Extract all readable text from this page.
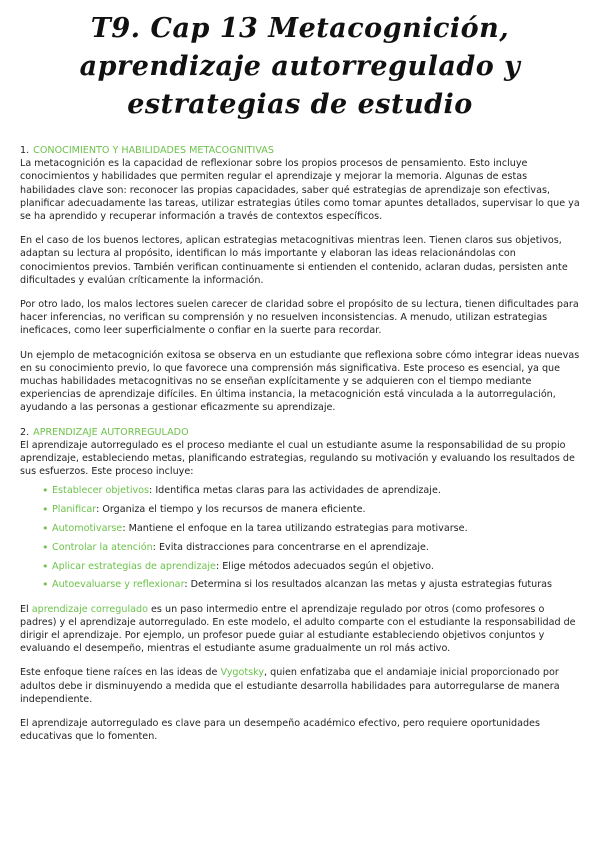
T9. Cap 13 Metacognición, aprendizaje autorregulado y estrategias de estudio

1. CONOCIMIENTO Y HABILIDADES METACOGNITIVAS

La metacognición es la capacidad de reflexionar sobre los propios procesos de pensamiento. Esto incluye conocimientos y habilidades que permiten regular el aprendizaje y mejorar la memoria. Algunas de estas habilidades clave son: reconocer las propias capacidades, saber qué estrategias de aprendizaje son efectivas, planificar adecuadamente las tareas, utilizar estrategias útiles como tomar apuntes detallados, supervisar lo que ya se ha aprendido y recuperar información a través de contextos específicos.

En el caso de los buenos lectores, aplican estrategias metacognitivas mientras leen. Tienen claros sus objetivos, adaptan su lectura al propósito, identifican lo más importante y elaboran las ideas relacionándolas con conocimientos previos. También verifican continuamente si entienden el contenido, aclaran dudas, persisten ante dificultades y evalúan críticamente la información.

Por otro lado, los malos lectores suelen carecer de claridad sobre el propósito de su lectura, tienen dificultades para hacer inferencias, no verifican su comprensión y no resuelven inconsistencias. A menudo, utilizan estrategias ineficaces, como leer superficialmente o confiar en la suerte para recordar.

Un ejemplo de metacognición exitosa se observa en un estudiante que reflexiona sobre cómo integrar ideas nuevas en su conocimiento previo, lo que favorece una comprensión más significativa. Este proceso es esencial, ya que muchas habilidades metacognitivas no se enseñan explícitamente y se adquieren con el tiempo mediante experiencias de aprendizaje difíciles. En última instancia, la metacognición está vinculada a la autorregulación, ayudando a las personas a gestionar eficazmente su aprendizaje.

2. APRENDIZAJE AUTORREGULADO

El aprendizaje autorregulado es el proceso mediante el cual un estudiante asume la responsabilidad de su propio aprendizaje, estableciendo metas, planificando estrategias, regulando su motivación y evaluando los resultados de sus esfuerzos. Este proceso incluye:

• Establecer objetivos: Identifica metas claras para las actividades de aprendizaje.
• Planificar: Organiza el tiempo y los recursos de manera eficiente.
• Automotivarse: Mantiene el enfoque en la tarea utilizando estrategias para motivarse.
• Controlar la atención: Evita distracciones para concentrarse en el aprendizaje.
• Aplicar estrategias de aprendizaje: Elige métodos adecuados según el objetivo.
• Autoevaluarse y reflexionar: Determina si los resultados alcanzan las metas y ajusta estrategias futuras

El aprendizaje corregulado es un paso intermedio entre el aprendizaje regulado por otros (como profesores o padres) y el aprendizaje autorregulado. En este modelo, el adulto comparte con el estudiante la responsabilidad de dirigir el aprendizaje. Por ejemplo, un profesor puede guiar al estudiante estableciendo objetivos conjuntos y evaluando el desempeño, mientras el estudiante asume gradualmente un rol más activo.

Este enfoque tiene raíces en las ideas de Vygotsky, quien enfatizaba que el andamiaje inicial proporcionado por adultos debe ir disminuyendo a medida que el estudiante desarrolla habilidades para autorregularse de manera independiente.

El aprendizaje autorregulado es clave para un desempeño académico efectivo, pero requiere oportunidades educativas que lo fomenten.
